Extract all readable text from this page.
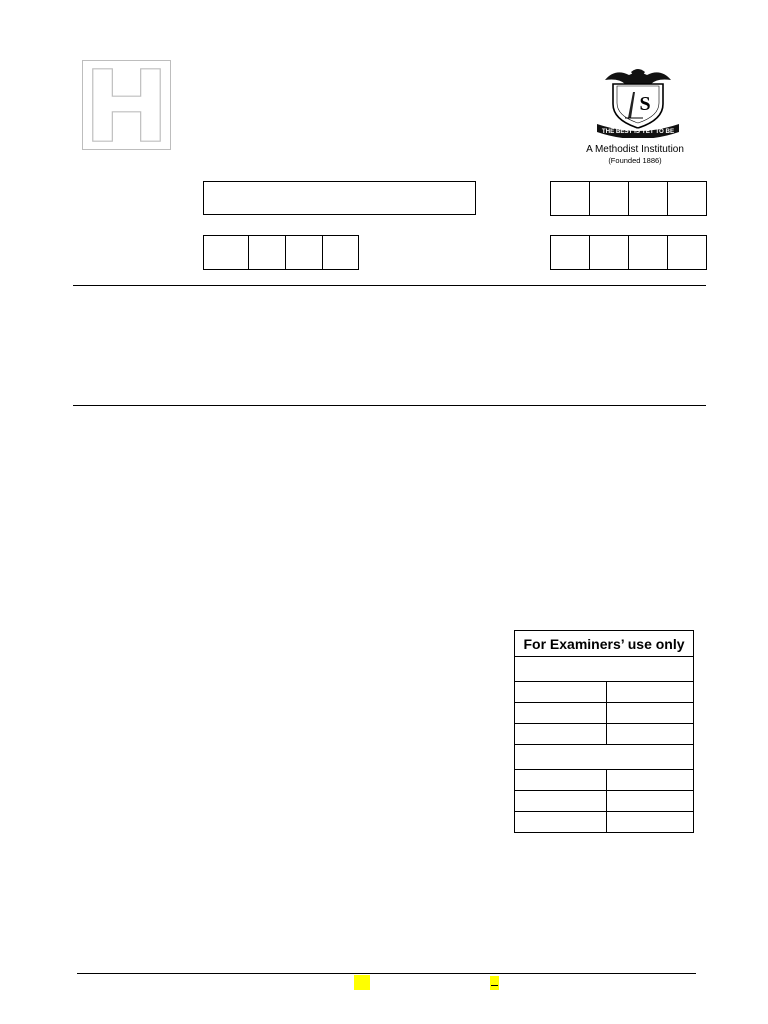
S
THE BEST IS YET TO BE
A Methodist Institution
(Founded 1886)
For Examiners’ use only	
